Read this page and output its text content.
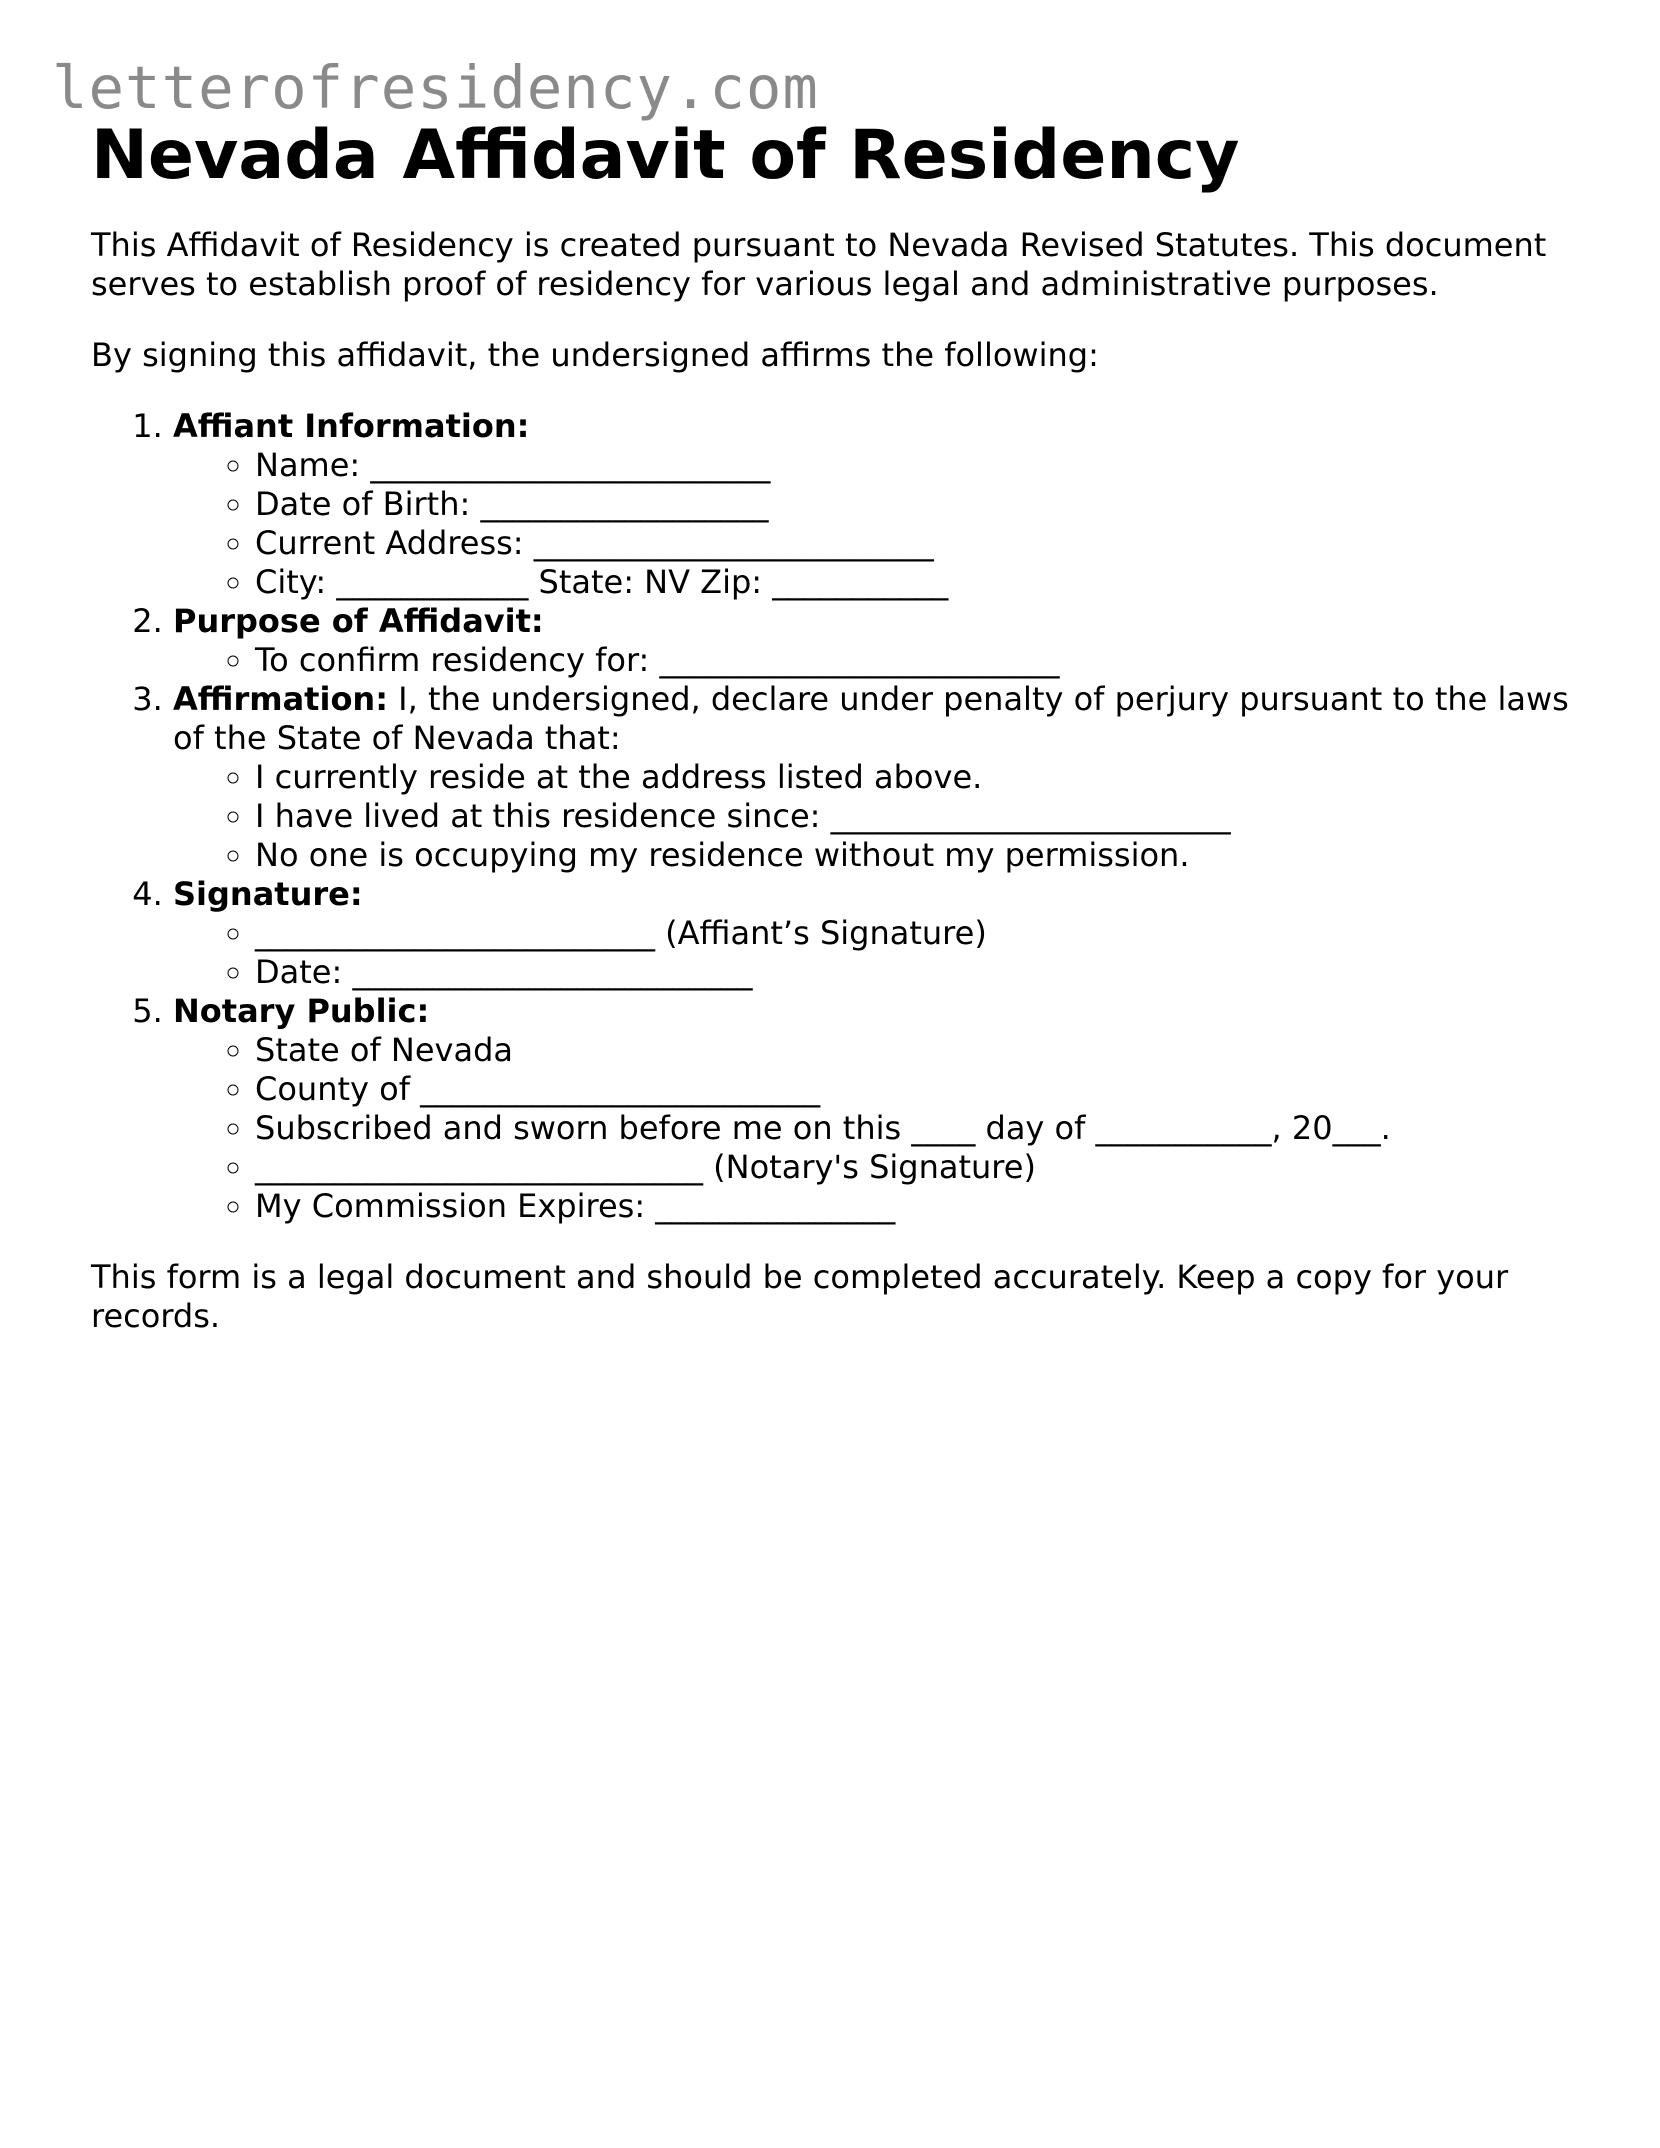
letterofresidency.com
Nevada Affidavit of Residency

This Affidavit of Residency is created pursuant to Nevada Revised Statutes. This document serves to establish proof of residency for various legal and administrative purposes.

By signing this affidavit, the undersigned affirms the following:

1. Affiant Information:
◦ Name: _________________________
◦ Date of Birth: __________________
◦ Current Address: _________________________
◦ City: ____________ State: NV Zip: ___________
2. Purpose of Affidavit:
◦ To confirm residency for: _________________________
3. Affirmation: I, the undersigned, declare under penalty of perjury pursuant to the laws of the State of Nevada that:
◦ I currently reside at the address listed above.
◦ I have lived at this residence since: _________________________
◦ No one is occupying my residence without my permission.
4. Signature:
◦ _________________________ (Affiant’s Signature)
◦ Date: _________________________
5. Notary Public:
◦ State of Nevada
◦ County of _________________________
◦ Subscribed and sworn before me on this ____ day of ___________, 20___.
◦ ____________________________ (Notary's Signature)
◦ My Commission Expires: _______________

This form is a legal document and should be completed accurately. Keep a copy for your records.
